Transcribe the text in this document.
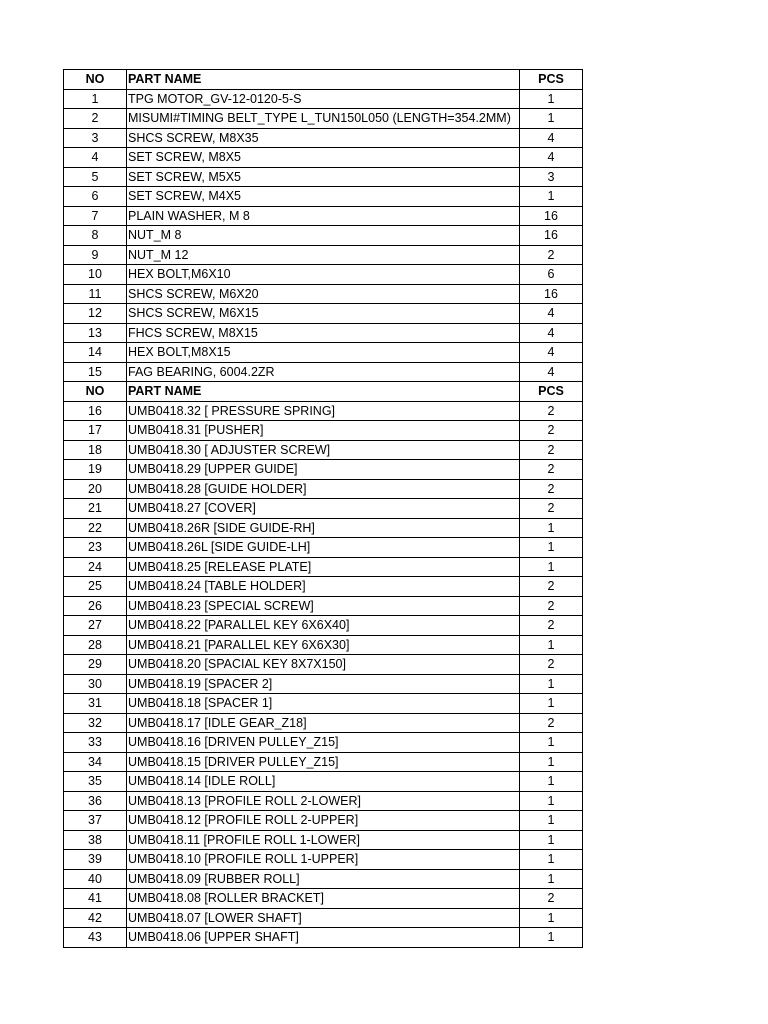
NO	PART NAME	PCS
1	TPG MOTOR_GV-12-0120-5-S	1
2	MISUMI#TIMING BELT_TYPE L_TUN150L050 (LENGTH=354.2MM)	1
3	SHCS SCREW, M8X35	4
4	SET SCREW, M8X5	4
5	SET SCREW, M5X5	3
6	SET SCREW, M4X5	1
7	PLAIN WASHER, M 8	16
8	NUT_M 8	16
9	NUT_M 12	2
10	HEX BOLT,M6X10	6
11	SHCS SCREW, M6X20	16
12	SHCS SCREW, M6X15	4
13	FHCS SCREW, M8X15	4
14	HEX BOLT,M8X15	4
15	FAG BEARING, 6004.2ZR	4
NO	PART NAME	PCS
16	UMB0418.32 [ PRESSURE SPRING]	2
17	UMB0418.31 [PUSHER]	2
18	UMB0418.30 [ ADJUSTER SCREW]	2
19	UMB0418.29 [UPPER GUIDE]	2
20	UMB0418.28 [GUIDE HOLDER]	2
21	UMB0418.27 [COVER]	2
22	UMB0418.26R [SIDE GUIDE-RH]	1
23	UMB0418.26L [SIDE GUIDE-LH]	1
24	UMB0418.25 [RELEASE PLATE]	1
25	UMB0418.24 [TABLE HOLDER]	2
26	UMB0418.23 [SPECIAL SCREW]	2
27	UMB0418.22 [PARALLEL KEY 6X6X40]	2
28	UMB0418.21 [PARALLEL KEY 6X6X30]	1
29	UMB0418.20 [SPACIAL KEY 8X7X150]	2
30	UMB0418.19 [SPACER 2]	1
31	UMB0418.18 [SPACER 1]	1
32	UMB0418.17 [IDLE GEAR_Z18]	2
33	UMB0418.16 [DRIVEN PULLEY_Z15]	1
34	UMB0418.15 [DRIVER PULLEY_Z15]	1
35	UMB0418.14 [IDLE ROLL]	1
36	UMB0418.13 [PROFILE ROLL 2-LOWER]	1
37	UMB0418.12 [PROFILE ROLL 2-UPPER]	1
38	UMB0418.11 [PROFILE ROLL 1-LOWER]	1
39	UMB0418.10 [PROFILE ROLL 1-UPPER]	1
40	UMB0418.09 [RUBBER ROLL]	1
41	UMB0418.08 [ROLLER BRACKET]	2
42	UMB0418.07 [LOWER SHAFT]	1
43	UMB0418.06 [UPPER SHAFT]	1
